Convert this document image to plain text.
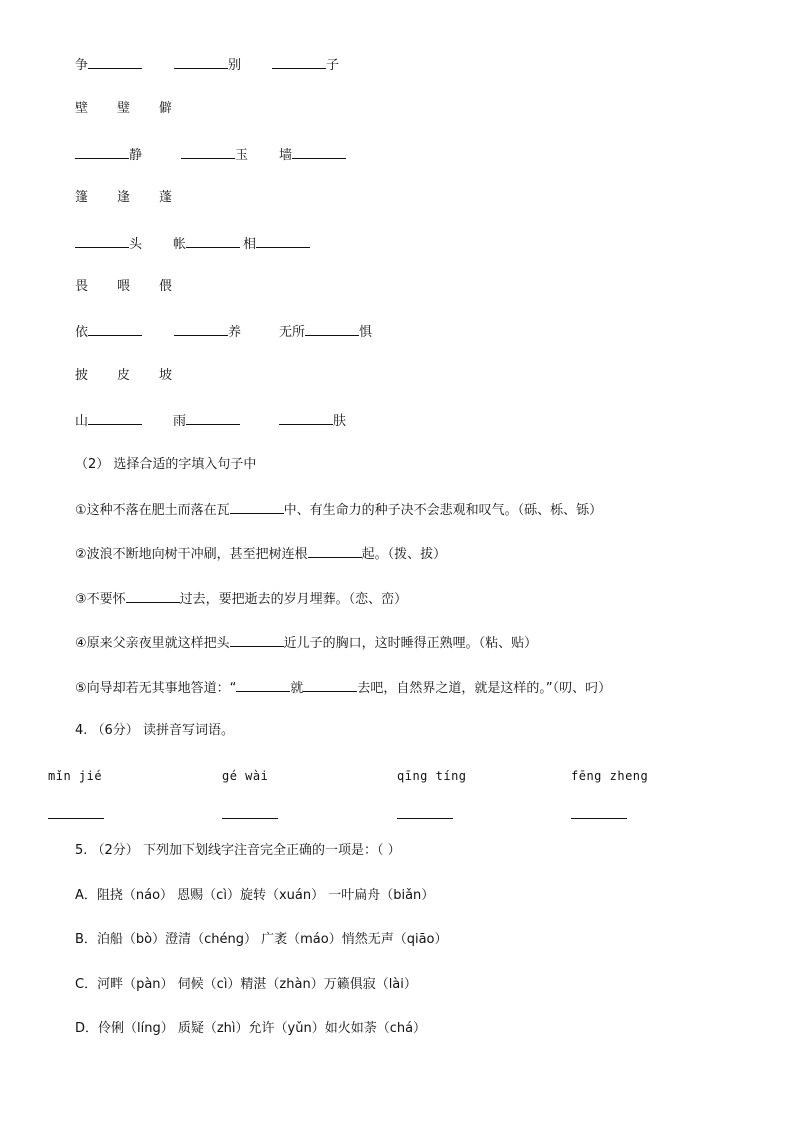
争	别	子
壁 璧 僻
静	玉 墙
篷 逢 蓬
头 帐	相
畏 喂 偎
依	养	无所	惧
披 皮 坡
山	雨	肤
（2） 选择合适的字填入句子中
①这种不落在肥土而落在瓦	中、有生命力的种子决不会悲观和叹气。（砾、栎、铄）
②波浪不断地向树干冲刷，甚至把树连根	起。（拨、拔）
③不要怀	过去，要把逝去的岁月埋葬。（恋、峦）
④原来父亲夜里就这样把头	近儿子的胸口，这时睡得正熟哩。（粘、贴）
⑤向导却若无其事地答道：“	就	去吧，自然界之道，就是这样的。”（叨、叼）
4. （6分） 读拼音写词语。
mǐn jié	gé wài	qīng tíng	fēng zheng
5. （2分） 下列加下划线字注音完全正确的一项是：（ ）
A．阻挠（náo） 恩赐（cì）旋转（xuán） 一叶扁舟（biǎn）
B．泊船（bò）澄清（chéng） 广袤（máo）悄然无声（qiāo）
C．河畔（pàn） 伺候（cì）精湛（zhàn）万籁俱寂（lài）
D．伶俐（líng） 质疑（zhì）允许（yǔn）如火如荼（chá）
